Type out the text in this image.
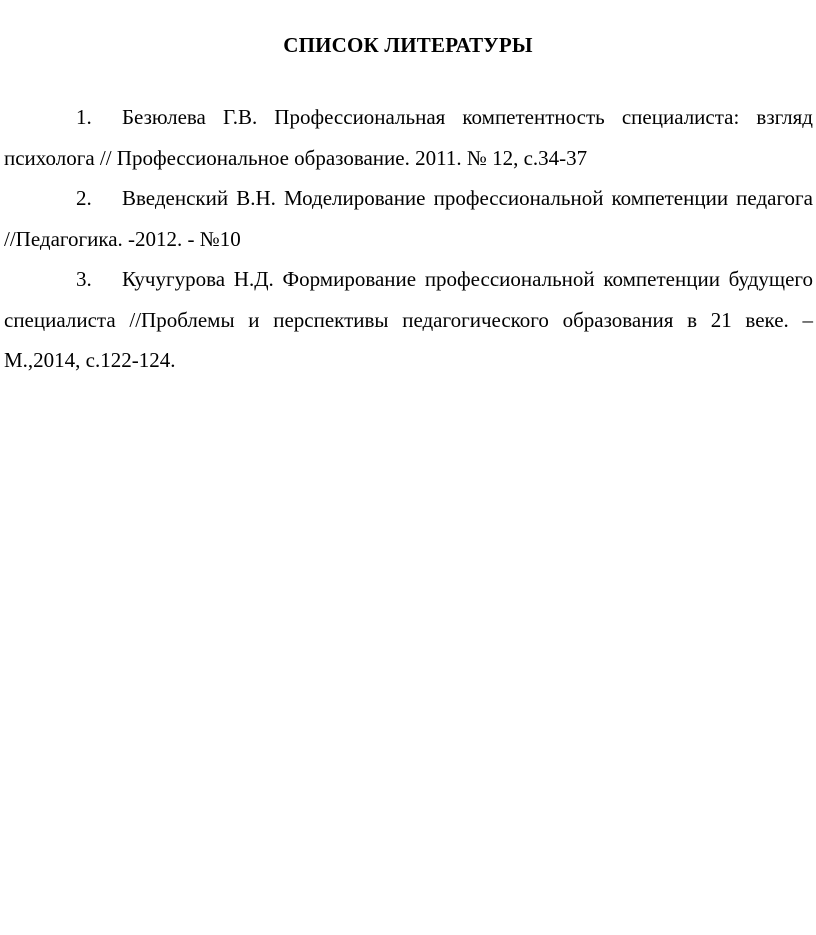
СПИСОК ЛИТЕРАТУРЫ
1. Безюлева Г.В. Профессиональная компетентность специалиста: взгляд психолога // Профессиональное образование. 2011. № 12, с.34-37
2. Введенский В.Н. Моделирование профессиональной компетенции педагога //Педагогика. -2012. - №10
3. Кучугурова Н.Д. Формирование профессиональной компетенции будущего специалиста //Проблемы и перспективы педагогического образования в 21 веке. – М.,2014, с.122-124.
